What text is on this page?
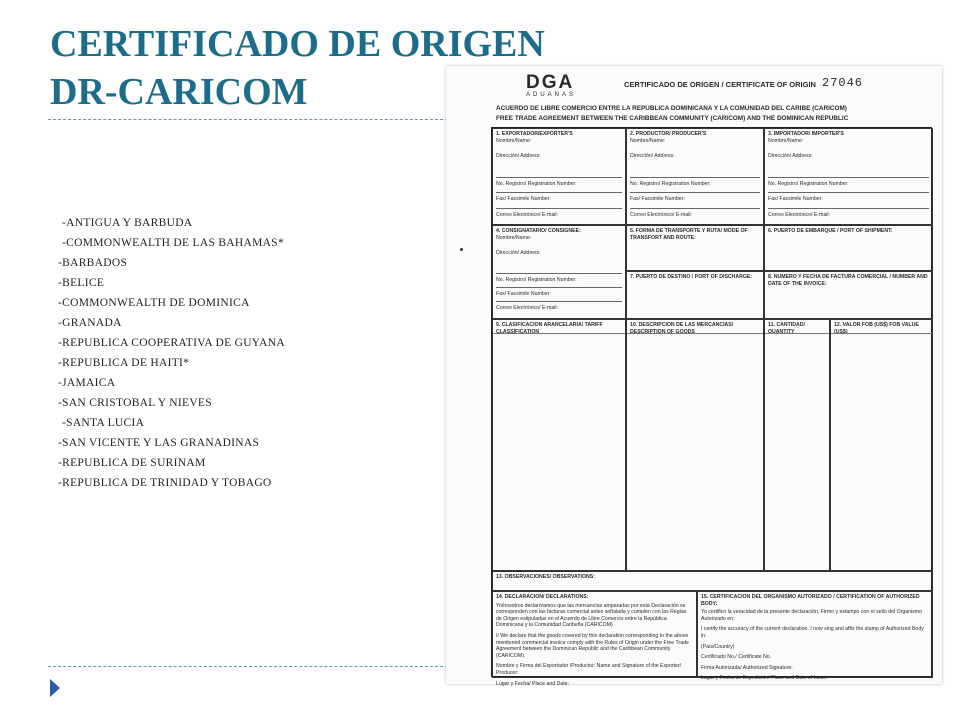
CERTIFICADO DE ORIGEN
DR-CARICOM
-ANTIGUA Y BARBUDA
-COMMONWEALTH DE LAS BAHAMAS*
-BARBADOS
-BELICE
-COMMONWEALTH DE DOMINICA
-GRANADA
-REPUBLICA COOPERATIVA DE GUYANA
-REPUBLICA DE HAITI*
-JAMAICA
-SAN CRISTOBAL Y NIEVES
-SANTA LUCIA
-SAN VICENTE Y LAS GRANADINAS
-REPUBLICA DE SURINAM
-REPUBLICA DE TRINIDAD Y TOBAGO
DGA
ADUANAS
CERTIFICADO DE ORIGEN / CERTIFICATE OF ORIGIN 27046
ACUERDO DE LIBRE COMERCIO ENTRE LA REPUBLICA DOMINICANA Y LA COMUNIDAD DEL CARIBE (CARICOM)
FREE TRADE AGREEMENT BETWEEN THE CARIBBEAN COMMUNITY (CARICOM) AND THE DOMINICAN REPUBLIC
1. EXPORTADOR/EXPORTER'S
Nombre/Name:
Dirección/ Address:
No. Registro/ Registration Number:
Fax/ Facsimile Number:
Correo Electrónico/ E-mail:
2. PRODUCTOR/ PRODUCER'S
Nombre/Name:
Dirección/ Address:
No. Registro/ Registration Number:
Fax/ Facsimile Number:
Correo Electrónico/ E-mail:
3. IMPORTADOR/ IMPORTER'S
Nombre/Name:
Dirección/ Address:
No. Registro/ Registration Number:
Fax/ Facsimile Number:
Correo Electrónico/ E-mail:
4. CONSIGNATARIO/ CONSIGNEE:
Nombre/Name:
Dirección/ Address:
No. Registro/ Registration Number:
Fax/ Facsimile Number:
Correo Electrónico/ E-mail:
5. FORMA DE TRANSPORTE Y RUTA/ MODE OF TRANSFORT AND ROUTE:
6. PUERTO DE EMBARQUE / PORT OF SHIPMENT:
7. PUERTO DE DESTINO / PORT OF DISCHARGE:	8. NUMERO Y FECHA DE FACTURA COMERCIAL / NUMBER AND DATE OF THE INVOICE:
9. CLASIFICACION ARANCELARIA/ TARIFF CLASSIFICATION
10. DESCRIPCION DE LAS MERCANCIAS/ DESCRIPTION OF GOODS
11. CANTIDAD/ QUANTITY
12. VALOR FOB (US$) FOB VALUE (US$)
13. OBSERVACIONES/ OBSERVATIONS:
14. DECLARACION/ DECLARATIONS:
Yo/nosotros declaro/amos que las mercancías amparadas por esta Declaración se corresponden con las facturas comercial antes señalada y cumplen con las Reglas de Origen estipuladas en el Acuerdo de Libre Comercio entre la República Dominicana y la Comunidad Caribeña (CARICOM)
I/ We declare that the goods covered by this declaration corresponding to the above mentioned commercial invoice comply with the Rules of Origin under the Free Trade Agreement between the Dominican Republic and the Caribbean Community (CARICOM).
Nombre y Firma del Exportador /Productor: Name and Signature of the Exporter/ Producer:
Lugar y Fecha/ Place and Date:
15. CERTIFICACION DEL ORGANISMO AUTORIZADO / CERTIFICATION OF AUTHORIZED BODY:
Yo certifico la veracidad de la presente declaración. Firmo y estampo con el sello del Organismo Autorizado en:
I certify the accuracy of the current declaration. I now sing and affix the stamp of Authorized Body in:
(País/Country)
Certificado No./ Certificate No.
Firma Autorizada/ Authorized Signature:
Lugar y Fecha de Expedición/ Place and Date of Issue:
